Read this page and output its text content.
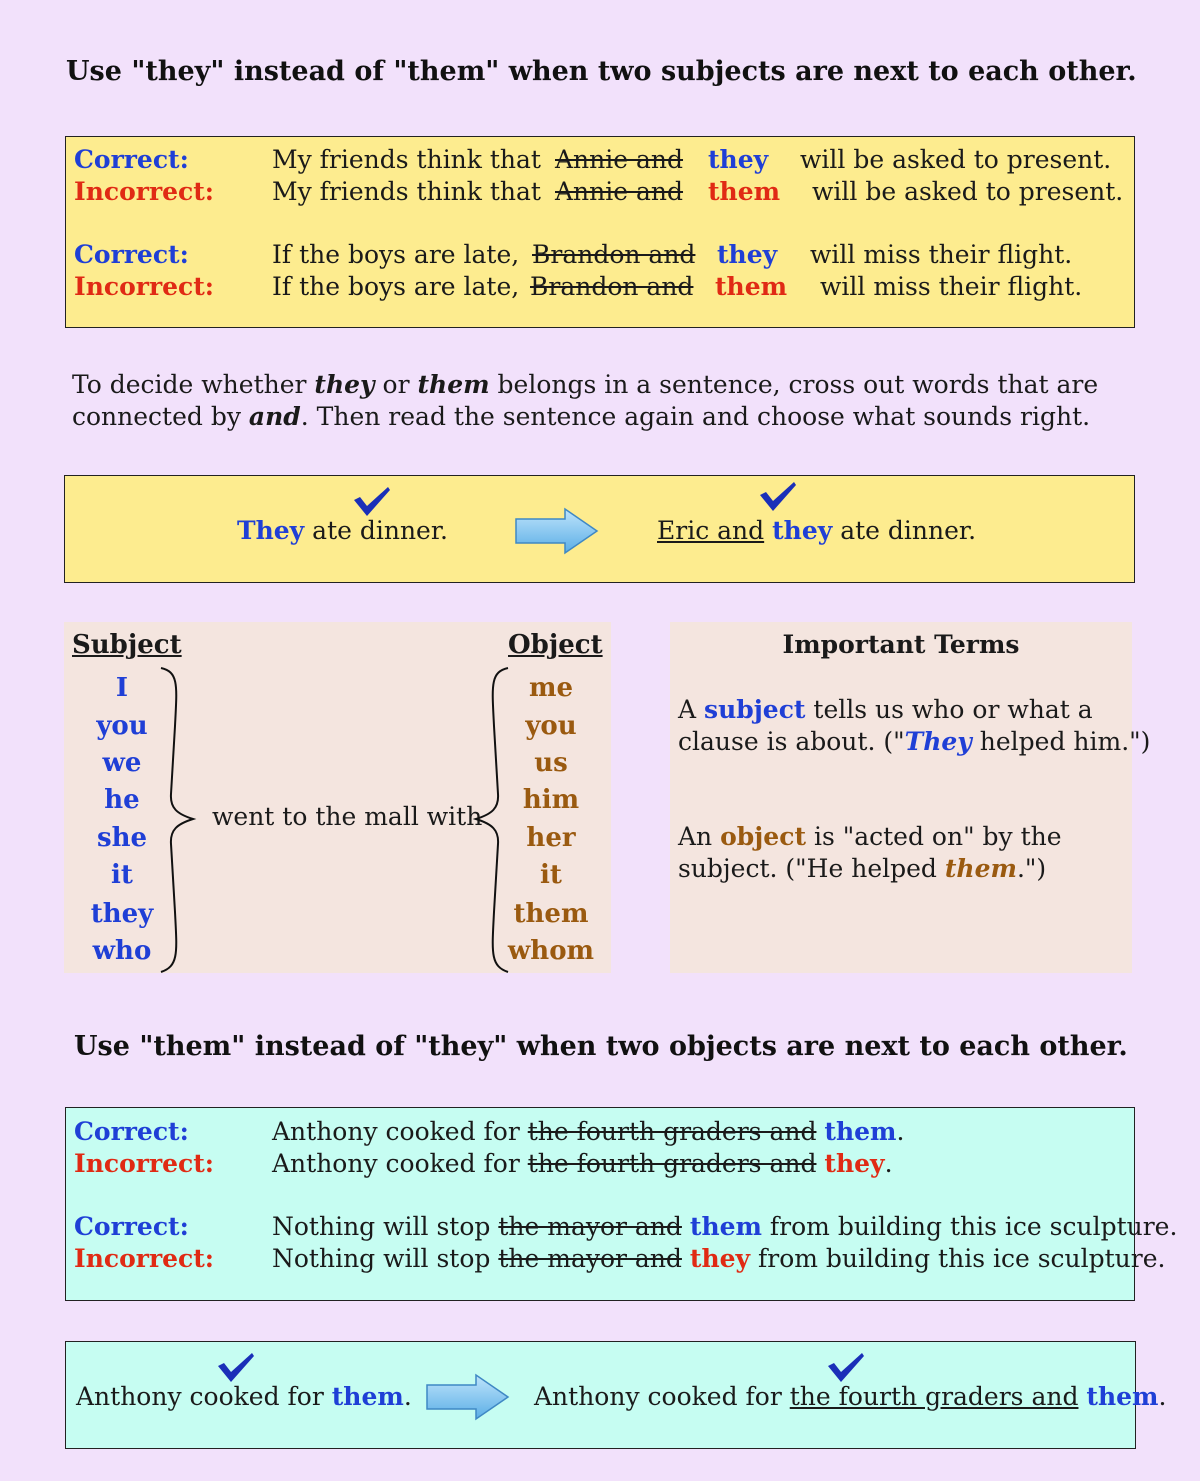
Use "they" instead of "them" when two subjects are next to each other.
Correct:	My friends think that Annie and they will be asked to present.
Incorrect: My friends think that Annie and them will be asked to present.
Correct:	If the boys are late, Brandon and they will miss their flight.
Incorrect: If the boys are late, Brandon and them will miss their flight.
To decide whether they or them belongs in a sentence, cross out words that are
connected by and. Then read the sentence again and choose what sounds right.
They ate dinner.	Eric and they ate dinner.
Subject	Object
I
you
we
he
she
it
they
who
went to the mall with
me
you
us
him
her
it
them
whom
Important Terms
A subject tells us who or what a
clause is about. ("They helped him.")
An object is "acted on" by the
subject. ("He helped them.")
Use "them" instead of "they" when two objects are next to each other.
Correct:	Anthony cooked for the fourth graders and them.
Incorrect: Anthony cooked for the fourth graders and they.
Correct:	Nothing will stop the mayor and them from building this ice sculpture.
Incorrect: Nothing will stop the mayor and they from building this ice sculpture.
Anthony cooked for them.	Anthony cooked for the fourth graders and them.
